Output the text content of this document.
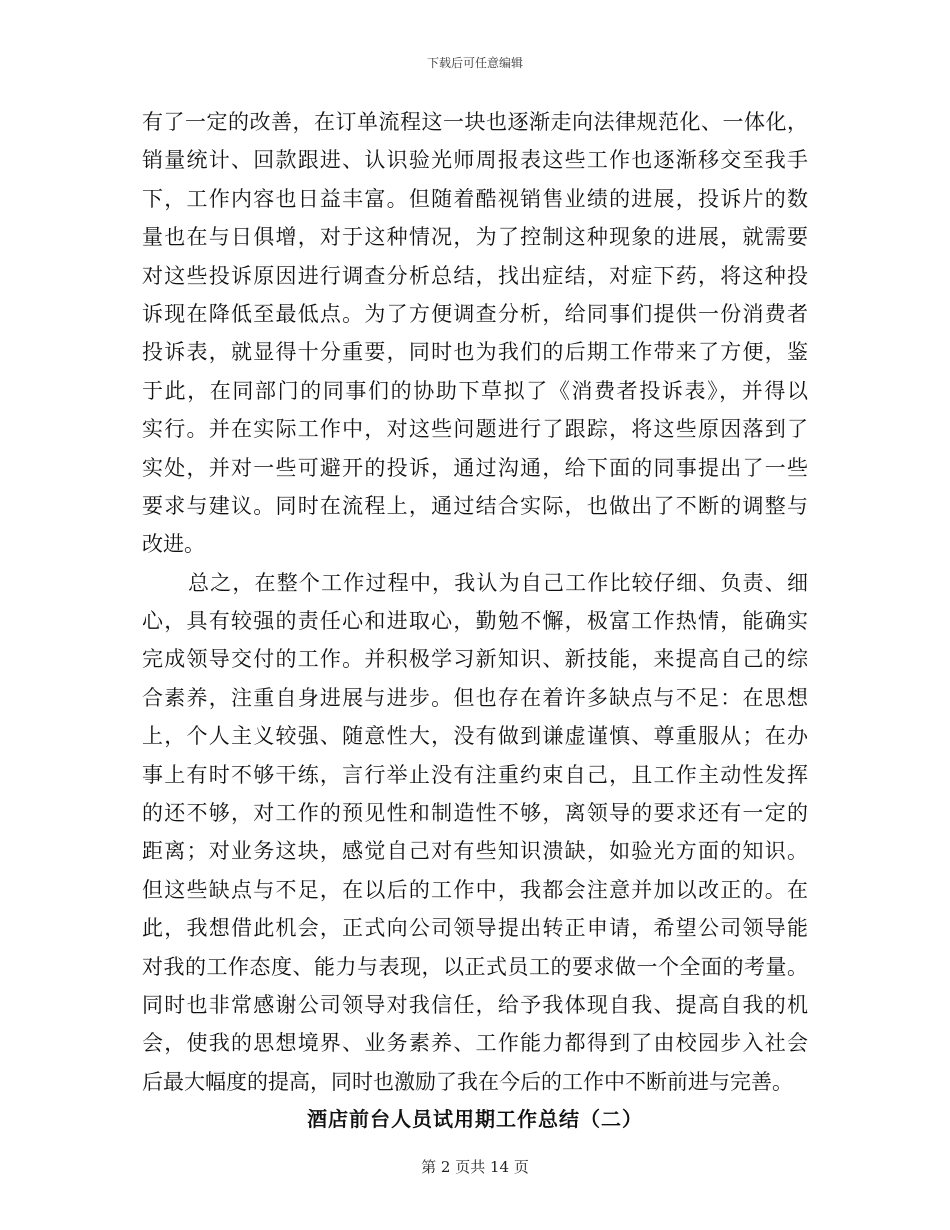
下载后可任意编辑
有了一定的改善，在订单流程这一块也逐渐走向法律规范化、一体化，
销量统计、回款跟进、认识验光师周报表这些工作也逐渐移交至我手
下，工作内容也日益丰富。但随着酷视销售业绩的进展，投诉片的数
量也在与日俱增，对于这种情况，为了控制这种现象的进展，就需要
对这些投诉原因进行调查分析总结，找出症结，对症下药，将这种投
诉现在降低至最低点。为了方便调查分析，给同事们提供一份消费者
投诉表，就显得十分重要，同时也为我们的后期工作带来了方便，鉴
于此，在同部门的同事们的协助下草拟了《消费者投诉表》，并得以
实行。并在实际工作中，对这些问题进行了跟踪，将这些原因落到了
实处，并对一些可避开的投诉，通过沟通，给下面的同事提出了一些
要求与建议。同时在流程上，通过结合实际，也做出了不断的调整与
改进。
总之，在整个工作过程中，我认为自己工作比较仔细、负责、细
心，具有较强的责任心和进取心，勤勉不懈，极富工作热情，能确实
完成领导交付的工作。并积极学习新知识、新技能，来提高自己的综
合素养，注重自身进展与进步。但也存在着许多缺点与不足：在思想
上，个人主义较强、随意性大，没有做到谦虚谨慎、尊重服从；在办
事上有时不够干练，言行举止没有注重约束自己，且工作主动性发挥
的还不够，对工作的预见性和制造性不够，离领导的要求还有一定的
距离；对业务这块，感觉自己对有些知识溃缺，如验光方面的知识。
但这些缺点与不足，在以后的工作中，我都会注意并加以改正的。在
此，我想借此机会，正式向公司领导提出转正申请，希望公司领导能
对我的工作态度、能力与表现，以正式员工的要求做一个全面的考量。
同时也非常感谢公司领导对我信任，给予我体现自我、提高自我的机
会，使我的思想境界、业务素养、工作能力都得到了由校园步入社会
后最大幅度的提高，同时也激励了我在今后的工作中不断前进与完善。
酒店前台人员试用期工作总结（二）
第 2 页共 14 页
